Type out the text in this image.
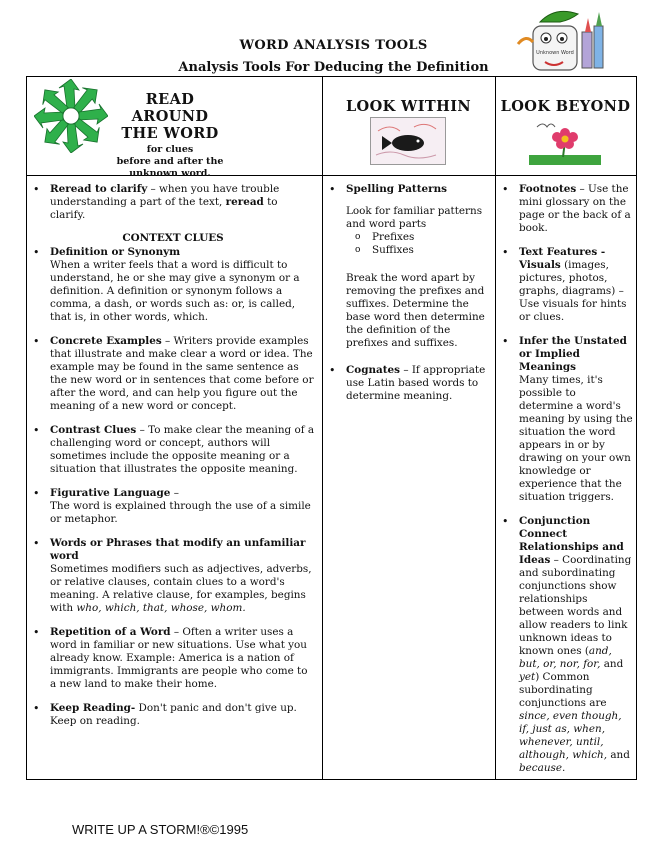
WORD ANALYSIS TOOLS
Analysis Tools For Deducing the Definition
Unknown Word
READ AROUND
THE WORD
for clues
before and after the
unknown word.
LOOK WITHIN	LOOK BEYOND
• Reread to clarify – when you have trouble understanding a part of the text, reread to clarify.
CONTEXT CLUES
• Definition or Synonym
When a writer feels that a word is difficult to understand, he or she may give a synonym or a definition. A definition or synonym follows a comma, a dash, or words such as: or, is called, that is, in other words, which.
• Concrete Examples – Writers provide examples that illustrate and make clear a word or idea. The example may be found in the same sentence as the new word or in sentences that come before or after the word, and can help you figure out the meaning of a new word or concept.
• Contrast Clues – To make clear the meaning of a challenging word or concept, authors will sometimes include the opposite meaning or a situation that illustrates the opposite meaning.
• Figurative Language –
The word is explained through the use of a simile or metaphor.
• Words or Phrases that modify an unfamiliar word
Sometimes modifiers such as adjectives, adverbs, or relative clauses, contain clues to a word's meaning. A relative clause, for examples, begins with who, which, that, whose, whom.
• Repetition of a Word – Often a writer uses a word in familiar or new situations. Use what you already know. Example: America is a nation of immigrants. Immigrants are people who come to a new land to make their home.
• Keep Reading- Don't panic and don't give up. Keep on reading.
• Spelling Patterns
Look for familiar patterns and word parts
o Prefixes
o Suffixes
Break the word apart by removing the prefixes and suffixes. Determine the base word then determine the definition of the prefixes and suffixes.
• Cognates – If appropriate use Latin based words to determine meaning.
• Footnotes – Use the mini glossary on the page or the back of a book.
• Text Features - Visuals (images, pictures, photos, graphs, diagrams) – Use visuals for hints or clues.
• Infer the Unstated or Implied Meanings
Many times, it's possible to determine a word's meaning by using the situation the word appears in or by drawing on your own knowledge or experience that the situation triggers.
• Conjunction Connect Relationships and Ideas – Coordinating and subordinating conjunctions show relationships between words and allow readers to link unknown ideas to known ones (and, but, or, nor, for, and yet) Common subordinating conjunctions are since, even though, if, just as, when, whenever, until, although, which, and because.
WRITE UP A STORM!®©1995
